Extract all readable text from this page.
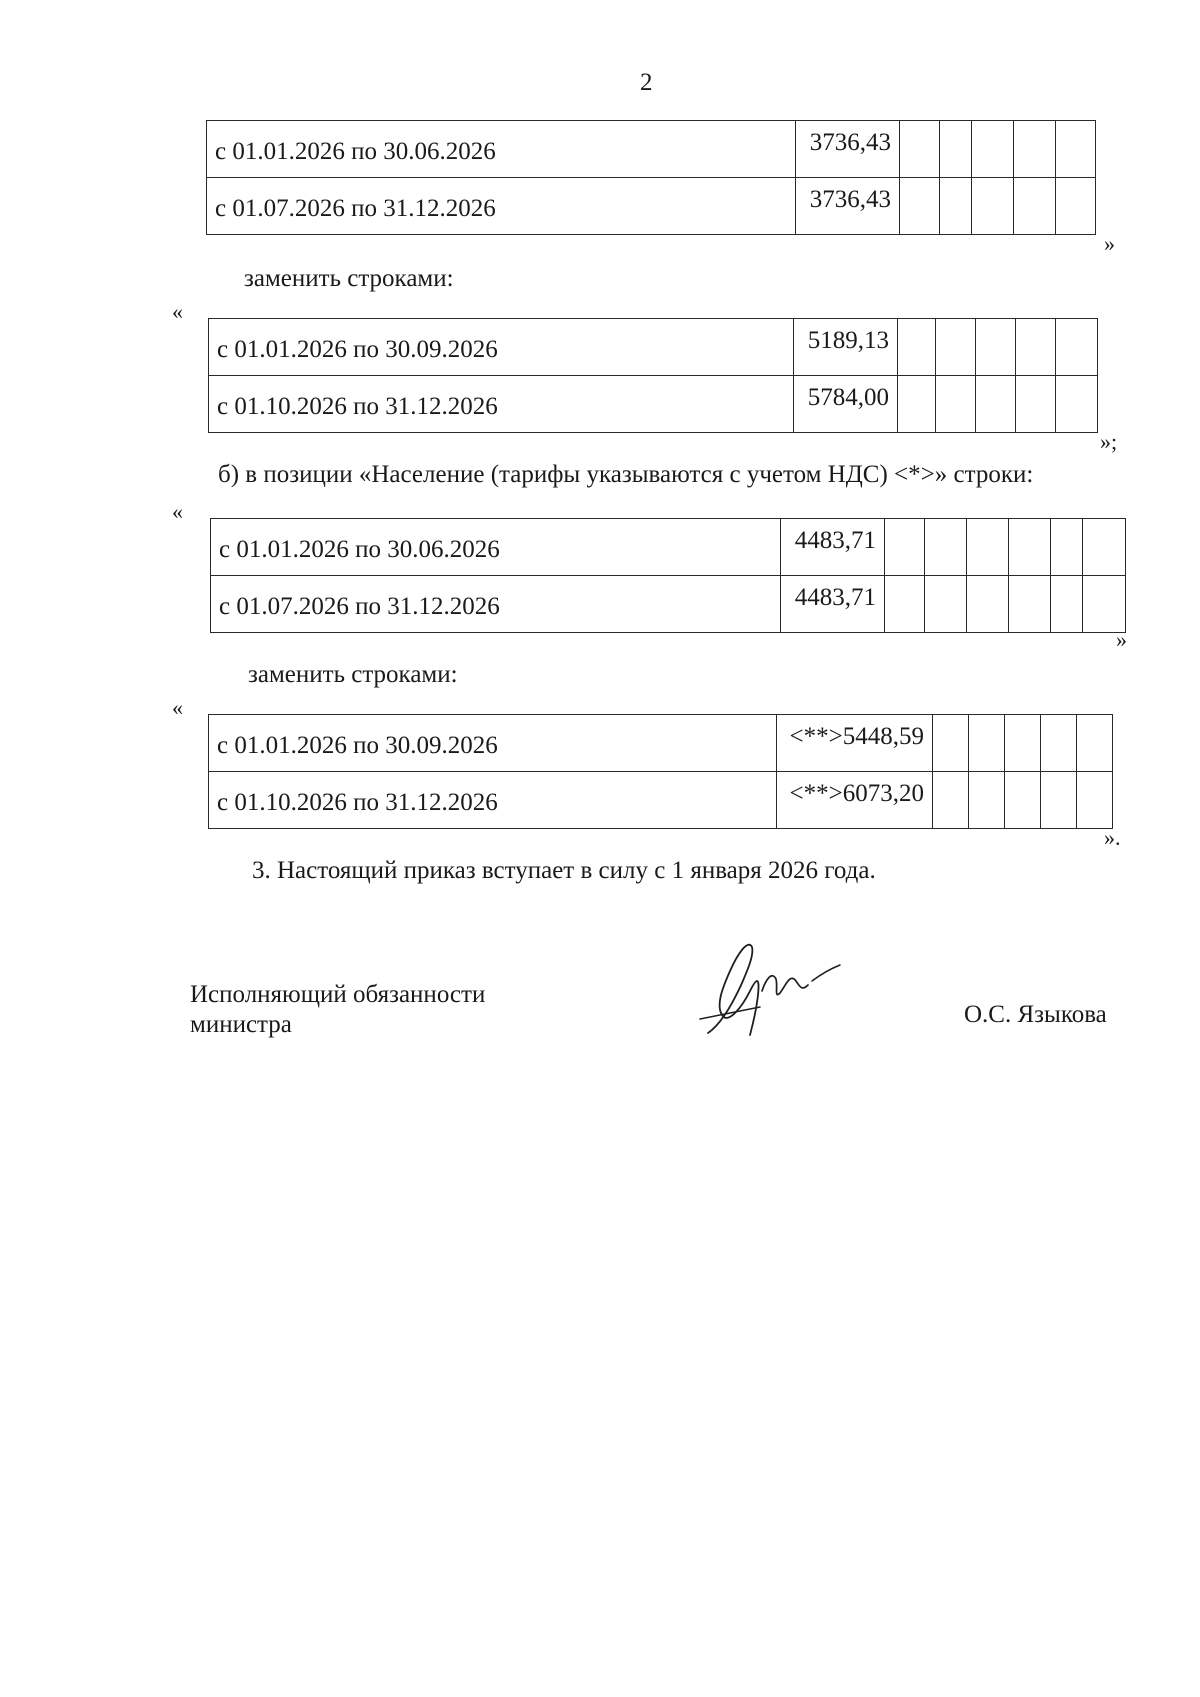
2
с 01.01.2026 по 30.06.2026	3736,43					
с 01.07.2026 по 31.12.2026	3736,43					
»
заменить строками:
«
с 01.01.2026 по 30.09.2026	5189,13					
с 01.10.2026 по 31.12.2026	5784,00					
»;
б) в позиции «Население (тарифы указываются с учетом НДС) <*>» строки:
«
с 01.01.2026 по 30.06.2026	4483,71						
с 01.07.2026 по 31.12.2026	4483,71						
»
заменить строками:
«
с 01.01.2026 по 30.09.2026	<**>5448,59					
с 01.10.2026 по 31.12.2026	<**>6073,20					
».
3. Настоящий приказ вступает в силу с 1 января 2026 года.
Исполняющий обязанности
министра	О.С. Языкова
